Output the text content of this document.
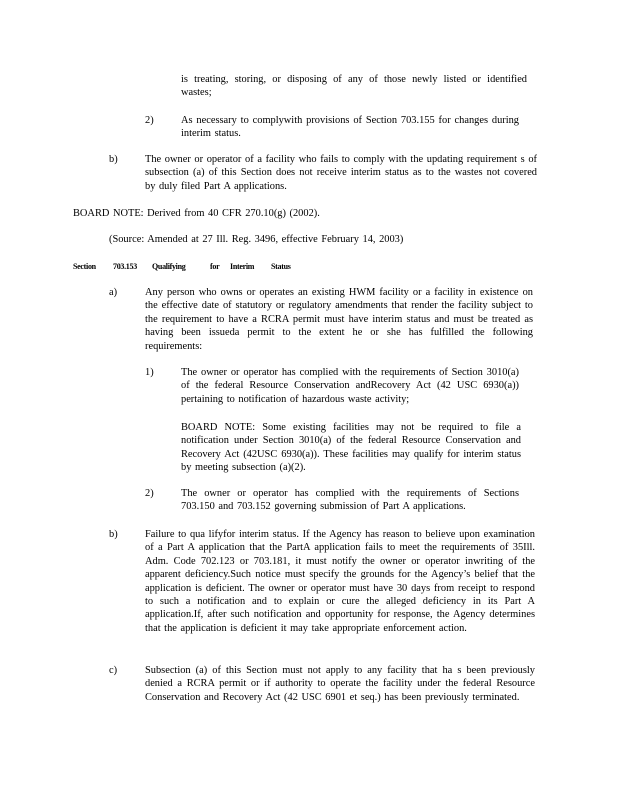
is treating, storing, or disposing of any of those newly listed or identified wastes;
2)	As necessary to complywith provisions of Section 703.155 for changes during interim status.
b)	The owner or operator of a facility who fails to comply with the updating requirement s of subsection (a) of this Section does not receive interim status as to the wastes not covered by duly filed Part A applications.
BOARD NOTE: Derived from 40 CFR 270.10(g) (2002).
(Source: Amended at 27 Ill. Reg. 3496, effective February 14, 2003)
Section 703.153 Qualifying	for Interim Status
a)	Any person who owns or operates an existing HWM facility or a facility in existence on the effective date of statutory or regulatory amendments that render the facility subject to the requirement to have a RCRA permit must have interim status and must be treated as having been issueda permit to the extent he or she has fulfilled the following requirements:
1)	The owner or operator has complied with the requirements of Section 3010(a) of the federal Resource Conservation andRecovery Act (42 USC 6930(a)) pertaining to notification of hazardous waste activity;
BOARD NOTE: Some existing facilities may not be required to file a notification under Section 3010(a) of the federal Resource Conservation and Recovery Act (42USC 6930(a)). These facilities may qualify for interim status by meeting subsection (a)(2).
2)	The owner or operator has complied with the requirements of Sections 703.150 and 703.152 governing submission of Part A applications.
b)	Failure to qua lifyfor interim status. If the Agency has reason to believe upon examination of a Part A application that the PartA application fails to meet the requirements of 35Ill. Adm. Code 702.123 or 703.181, it must notify the owner or operator inwriting of the apparent deficiency.Such notice must specify the grounds for the Agency’s belief that the application is deficient. The owner or operator must have 30 days from receipt to respond to such a notification and to explain or cure the alleged deficiency in its Part A application.If, after such notification and opportunity for response, the Agency determines that the application is deficient it may take appropriate enforcement action.
c)	Subsection (a) of this Section must not apply to any facility that ha s been previously denied a RCRA permit or if authority to operate the facility under the federal Resource Conservation and Recovery Act (42 USC 6901 et seq.) has been previously terminated.
